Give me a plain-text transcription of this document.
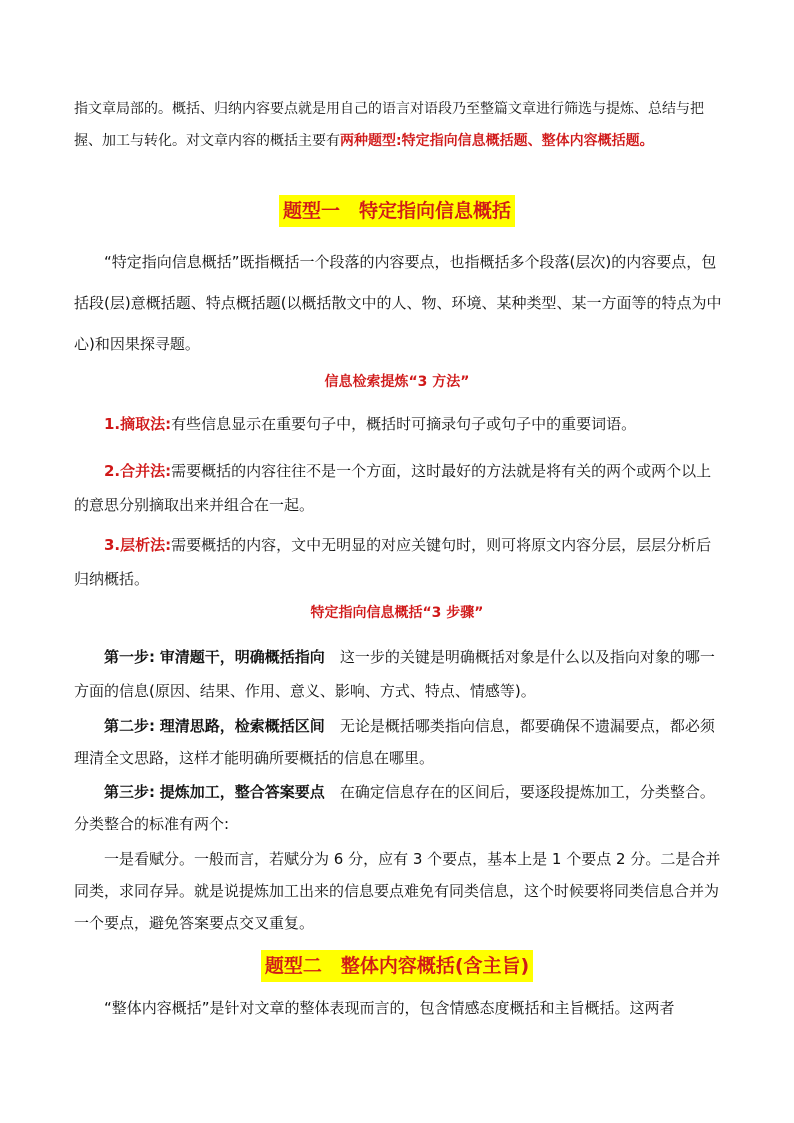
指文章局部的。概括、归纳内容要点就是用自己的语言对语段乃至整篇文章进行筛选与提炼、总结与把握、加工与转化。对文章内容的概括主要有两种题型:特定指向信息概括题、整体内容概括题。

题型一　特定指向信息概括

“特定指向信息概括”既指概括一个段落的内容要点，也指概括多个段落(层次)的内容要点，包括段(层)意概括题、特点概括题(以概括散文中的人、物、环境、某种类型、某一方面等的特点为中心)和因果探寻题。

信息检索提炼“3 方法”

1.摘取法:有些信息显示在重要句子中，概括时可摘录句子或句子中的重要词语。

2.合并法:需要概括的内容往往不是一个方面，这时最好的方法就是将有关的两个或两个以上的意思分别摘取出来并组合在一起。

3.层析法:需要概括的内容，文中无明显的对应关键句时，则可将原文内容分层，层层分析后归纳概括。

特定指向信息概括“3 步骤”

第一步: 审清题干，明确概括指向　 这一步的关键是明确概括对象是什么以及指向对象的哪一方面的信息(原因、结果、作用、意义、影响、方式、特点、情感等)。

第二步: 理清思路，检索概括区间　 无论是概括哪类指向信息，都要确保不遗漏要点，都必须理清全文思路，这样才能明确所要概括的信息在哪里。

第三步: 提炼加工，整合答案要点　 在确定信息存在的区间后，要逐段提炼加工，分类整合。分类整合的标准有两个:

一是看赋分。一般而言，若赋分为 6 分，应有 3 个要点，基本上是 1 个要点 2 分。二是合并同类，求同存异。就是说提炼加工出来的信息要点难免有同类信息，这个时候要将同类信息合并为一个要点，避免答案要点交叉重复。

题型二　整体内容概括(含主旨)

“整体内容概括”是针对文章的整体表现而言的，包含情感态度概括和主旨概括。这两者
